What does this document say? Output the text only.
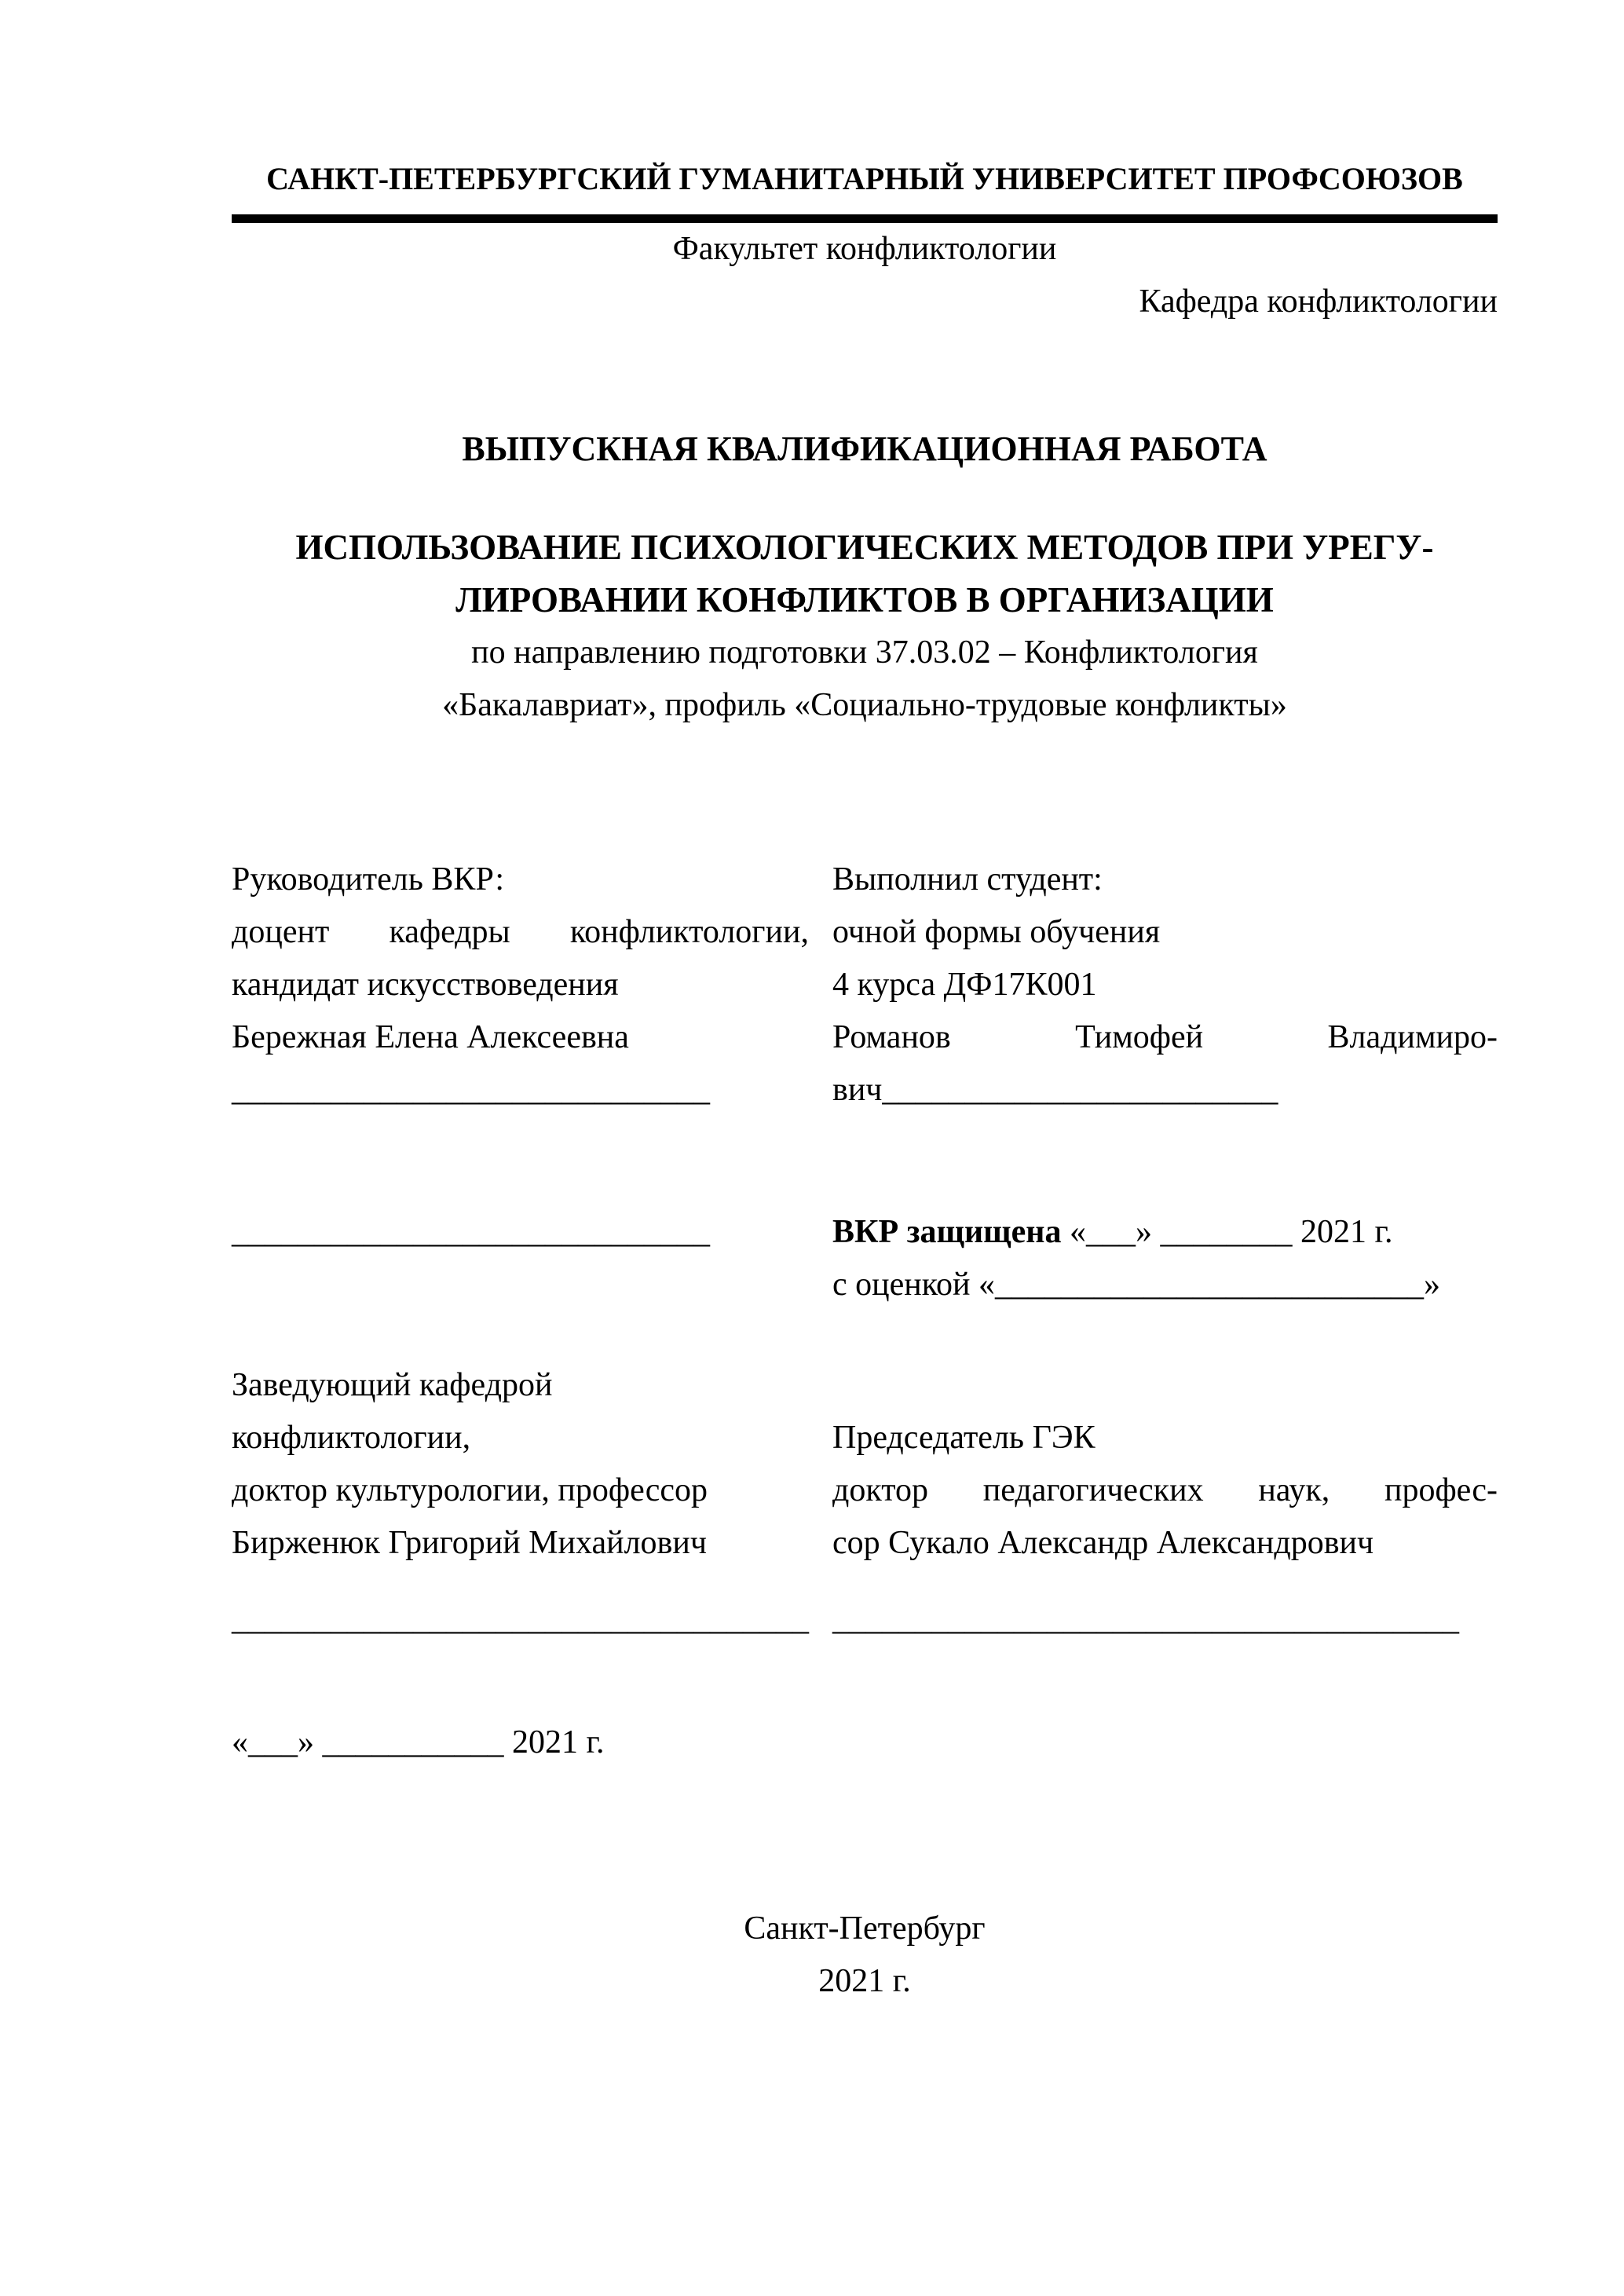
САНКТ-ПЕТЕРБУРГСКИЙ ГУМАНИТАРНЫЙ УНИВЕРСИТЕТ ПРОФСОЮЗОВ
Факультет конфликтологии
Кафедра конфликтологии
ВЫПУСКНАЯ КВАЛИФИКАЦИОННАЯ РАБОТА
ИСПОЛЬЗОВАНИЕ ПСИХОЛОГИЧЕСКИХ МЕТОДОВ ПРИ УРЕГУ-
ЛИРОВАНИИ КОНФЛИКТОВ В ОРГАНИЗАЦИИ
по направлению подготовки 37.03.02 – Конфликтология
«Бакалавриат», профиль «Социально-трудовые конфликты»
Руководитель ВКР:
доцент кафедры конфликтологии,
кандидат искусствоведения
Бережная Елена Алексеевна
_____________________________
Выполнил студент:
очной формы обучения
4 курса ДФ17К001
Романов Тимофей Владимиро-
вич________________________
_____________________________	ВКР защищена «___» ________ 2021 г.
с оценкой «__________________________»
Заведующий кафедрой
конфликтологии,
доктор культурологии, профессор
Бирженюк Григорий Михайлович
Председатель ГЭК
доктор педагогических наук, профес-
сор Сукало Александр Александрович
___________________________________ ______________________________________
«___» ___________ 2021 г.
Санкт-Петербург
2021 г.
